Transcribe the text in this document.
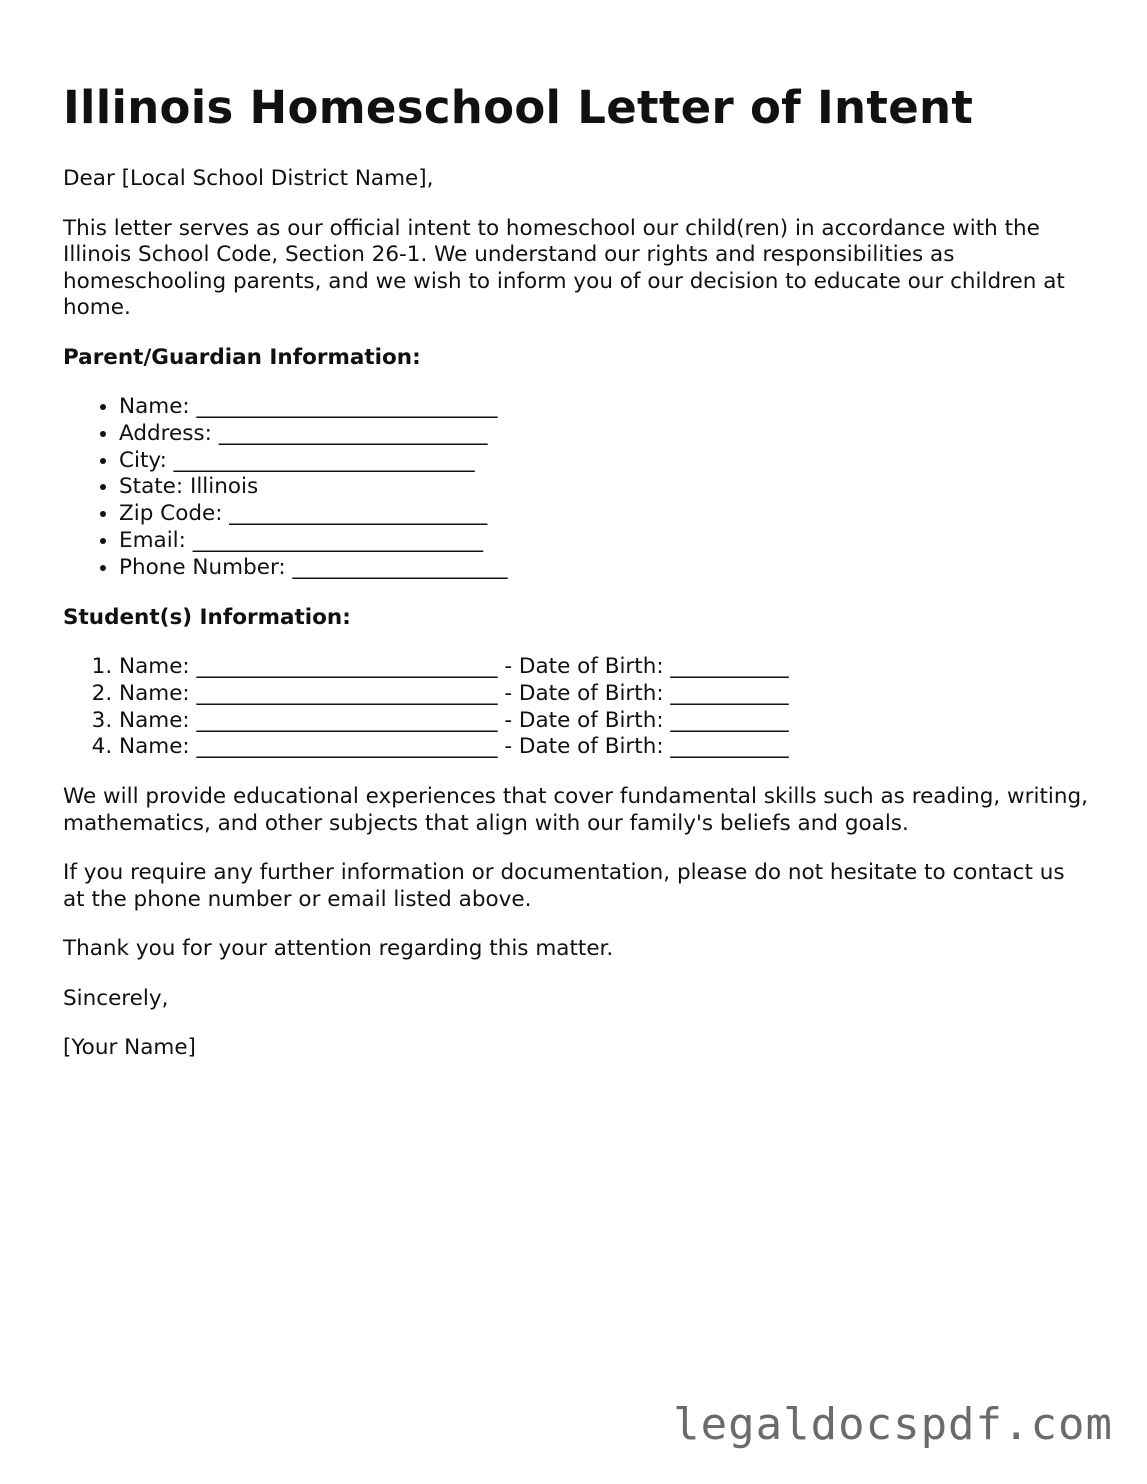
Illinois Homeschool Letter of Intent

Dear [Local School District Name],

This letter serves as our official intent to homeschool our child(ren) in accordance with the Illinois School Code, Section 26-1. We understand our rights and responsibilities as homeschooling parents, and we wish to inform you of our decision to educate our children at home.

Parent/Guardian Information:

• Name: ____________________________
• Address: _________________________
• City: ____________________________
• State: Illinois
• Zip Code: ________________________
• Email: ___________________________
• Phone Number: ____________________

Student(s) Information:

1. Name: ____________________________ - Date of Birth: ___________
2. Name: ____________________________ - Date of Birth: ___________
3. Name: ____________________________ - Date of Birth: ___________
4. Name: ____________________________ - Date of Birth: ___________

We will provide educational experiences that cover fundamental skills such as reading, writing, mathematics, and other subjects that align with our family's beliefs and goals.

If you require any further information or documentation, please do not hesitate to contact us at the phone number or email listed above.

Thank you for your attention regarding this matter.

Sincerely,

[Your Name]

legaldocspdf.com
